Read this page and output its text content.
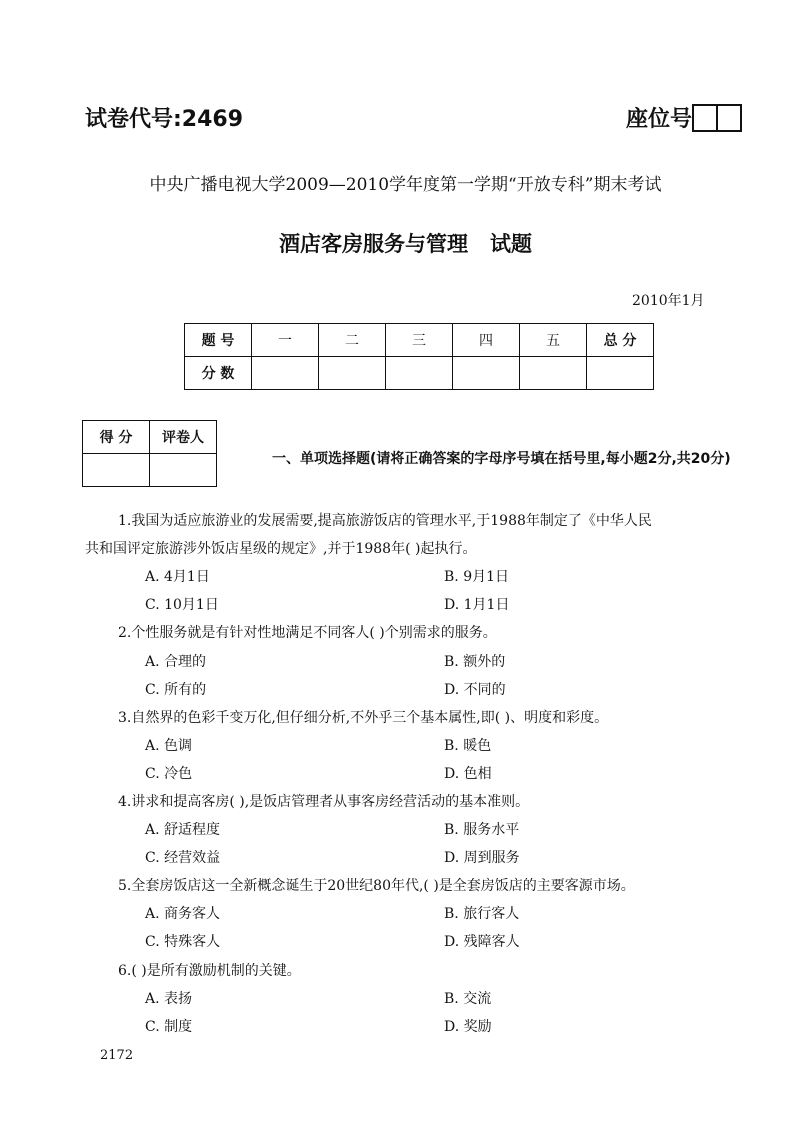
试卷代号:2469	座位号
中央广播电视大学2009—2010学年度第一学期“开放专科”期末考试
酒店客房服务与管理   试题
2010年1月
题 号	一	二	三	四	五	总 分
分 数						
得 分	评卷人

一、单项选择题(请将正确答案的字母序号填在括号里,每小题2分,共20分)
1.我国为适应旅游业的发展需要,提高旅游饭店的管理水平,于1988年制定了《中华人民
共和国评定旅游涉外饭店星级的规定》,并于1988年( )起执行。
A. 4月1日	B. 9月1日
C. 10月1日	D. 1月1日
2.个性服务就是有针对性地满足不同客人( )个别需求的服务。
A. 合理的	B. 额外的
C. 所有的	D. 不同的
3.自然界的色彩千变万化,但仔细分析,不外乎三个基本属性,即( )、明度和彩度。
A. 色调	B. 暖色
C. 冷色	D. 色相
4.讲求和提高客房( ),是饭店管理者从事客房经营活动的基本准则。
A. 舒适程度	B. 服务水平
C. 经营效益	D. 周到服务
5.全套房饭店这一全新概念诞生于20世纪80年代,( )是全套房饭店的主要客源市场。
A. 商务客人	B. 旅行客人
C. 特殊客人	D. 残障客人
6.( )是所有激励机制的关键。
A. 表扬	B. 交流
C. 制度	D. 奖励
2172
